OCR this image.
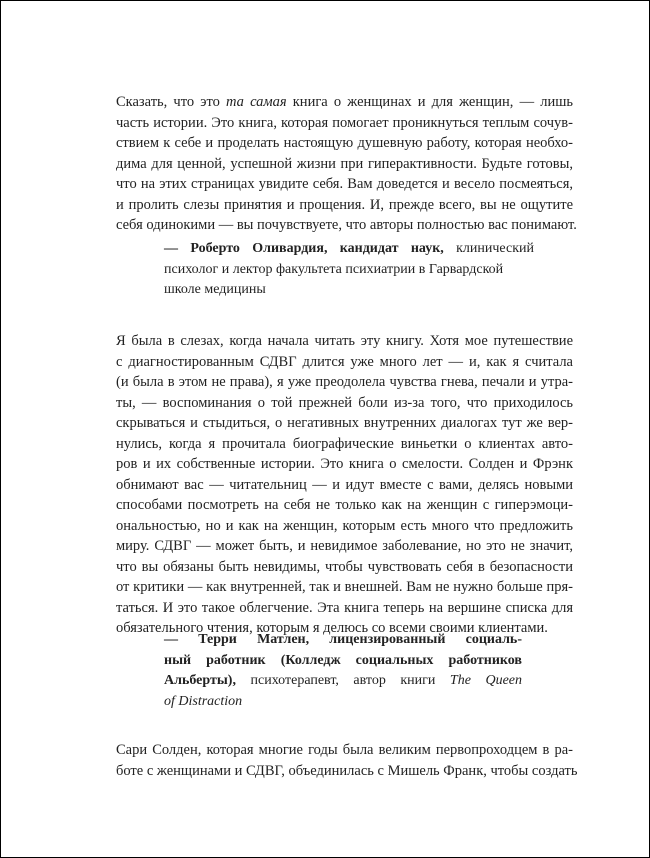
Сказать, что это та самая книга о женщинах и для женщин, — лишь
часть истории. Это книга, которая помогает проникнуться теплым сочув-
ствием к себе и проделать настоящую душевную работу, которая необхо-
дима для ценной, успешной жизни при гиперактивности. Будьте готовы,
что на этих страницах увидите себя. Вам доведется и весело посмеяться,
и пролить слезы принятия и прощения. И, прежде всего, вы не ощутите
себя одинокими — вы почувствуете, что авторы полностью вас понимают.
— Роберто Оливардия, кандидат наук, клинический
психолог и лектор факультета психиатрии в Гарвардской
школе медицины
Я была в слезах, когда начала читать эту книгу. Хотя мое путешествие
с диагностированным СДВГ длится уже много лет — и, как я считала
(и была в этом не права), я уже преодолела чувства гнева, печали и утра-
ты, — воспоминания о той прежней боли из-за того, что приходилось
скрываться и стыдиться, о негативных внутренних диалогах тут же вер-
нулись, когда я прочитала биографические виньетки о клиентах авто-
ров и их собственные истории. Это книга о смелости. Солден и Фрэнк
обнимают вас — читательниц — и идут вместе с вами, делясь новыми
способами посмотреть на себя не только как на женщин с гиперэмоци-
ональностью, но и как на женщин, которым есть много что предложить
миру. СДВГ — может быть, и невидимое заболевание, но это не значит,
что вы обязаны быть невидимы, чтобы чувствовать себя в безопасности
от критики — как внутренней, так и внешней. Вам не нужно больше пря-
таться. И это такое облегчение. Эта книга теперь на вершине списка для
обязательного чтения, которым я делюсь со всеми своими клиентами.
— Терри Матлен, лицензированный социаль-
ный работник (Колледж социальных работников
Альберты), психотерапевт, автор книги The Queen
of Distraction
Сари Солден, которая многие годы была великим первопроходцем в ра-
боте с женщинами и СДВГ, объединилась с Мишель Франк, чтобы создать
